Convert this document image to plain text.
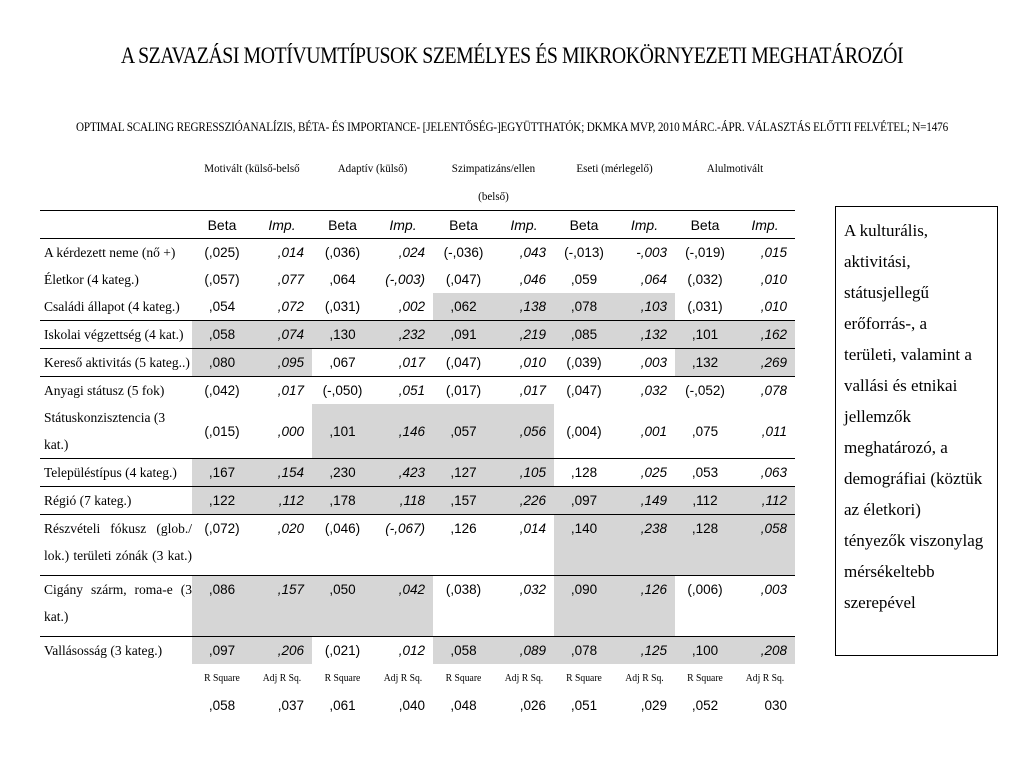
A SZAVAZÁSI MOTÍVUMTÍPUSOK SZEMÉLYES ÉS MIKROKÖRNYEZETI MEGHATÁROZÓI
OPTIMAL SCALING REGRESSZIÓANALÍZIS, BÉTA- ÉS IMPORTANCE- [JELENTŐSÉG-]EGYÜTTHATÓK; DKMKA MVP, 2010 MÁRC.-ÁPR. VÁLASZTÁS ELŐTTI FELVÉTEL; N=1476
	Motivált (külső-belső		Adaptív (külső)		Szimpatizáns/ellen (belső)		Eseti (mérlegelő)		Alulmotivált	
	Beta	Imp.	Beta	Imp.	Beta	Imp.	Beta	Imp.	Beta	Imp.
A kérdezett neme (nő +)	(,025)	,014	(,036)	,024	(-,036)	,043	(-,013)	-,003	(-,019)	,015
Életkor (4 kateg.)	(,057)	,077	,064	(-,003)	(,047)	,046	,059	,064	(,032)	,010
Családi állapot (4 kateg.)	,054	,072	(,031)	,002	,062	,138	,078	,103	(,031)	,010
Iskolai végzettség (4 kat.)	,058	,074	,130	,232	,091	,219	,085	,132	,101	,162
Kereső aktivitás (5 kateg..)	,080	,095	,067	,017	(,047)	,010	(,039)	,003	,132	,269
Anyagi státusz (5 fok)	(,042)	,017	(-,050)	,051	(,017)	,017	(,047)	,032	(-,052)	,078
Státuskonzisztencia (3 kat.)	(,015)	,000	,101	,146	,057	,056	(,004)	,001	,075	,011
Településtípus (4 kateg.)	,167	,154	,230	,423	,127	,105	,128	,025	,053	,063
Régió (7 kateg.)	,122	,112	,178	,118	,157	,226	,097	,149	,112	,112
Részvételi fókusz (glob./ lok.) területi zónák (3 kat.)	(,072)	,020	(,046)	(-,067)	,126	,014	,140	,238	,128	,058
Cigány szárm, roma-e (3 kat.)	,086	,157	,050	,042	(,038)	,032	,090	,126	(,006)	,003
Vallásosság (3 kateg.)	,097	,206	(,021)	,012	,058	,089	,078	,125	,100	,208
	R Square	Adj R Sq.	R Square	Adj R Sq.	R Square	Adj R Sq.	R Square	Adj R Sq.	R Square	Adj R Sq.
	,058	,037	,061	,040	,048	,026	,051	,029	,052	030
A kulturális,
aktivitási,
státusjellegű
erőforrás-, a
területi, valamint a
vallási és etnikai
jellemzők
meghatározó, a
demográfiai (köztük
az életkori)
tényezők viszonylag
mérsékeltebb
szerepével
